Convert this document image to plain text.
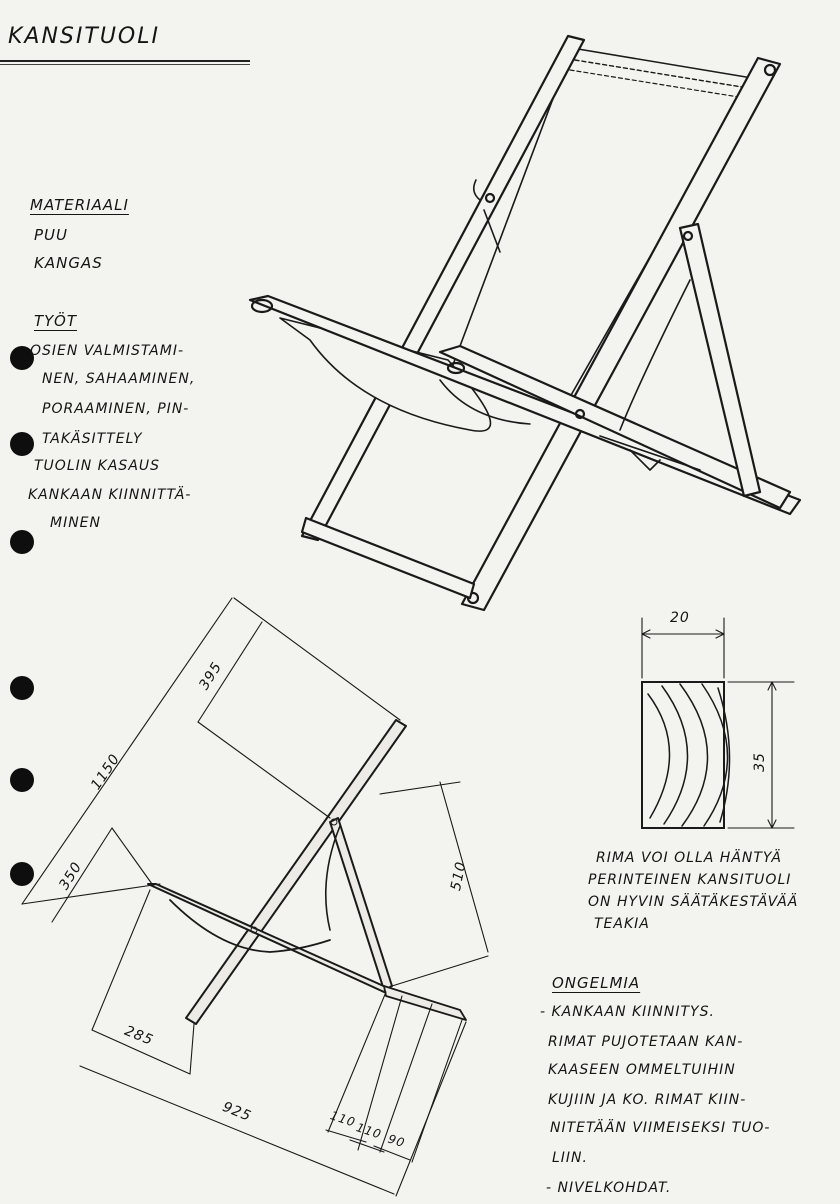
KANSITUOLI
MATERIAALI
PUU
KANGAS
TYÖT
OSIEN VALMISTAMI-
NEN, SAHAAMINEN,
PORAAMINEN, PIN-
TAKÄSITTELY
TUOLIN KASAUS
KANKAAN KIINNITTÄ-
MINEN
1150
395
350	510
285
925	110
110 90
20
35
RIMA VOI OLLA HÄNTYÄ
PERINTEINEN KANSITUOLI
ON HYVIN SÄÄTÄKESTÄVÄÄ
TEAKIA
ONGELMIA
- KANKAAN KIINNITYS.
RIMAT PUJOTETAAN KAN-
KAASEEN OMMELTUIHIN
KUJIIN JA KO. RIMAT KIIN-
NITETÄÄN VIIMEISEKSI TUO-
LIIN.
- NIVELKOHDAT.
